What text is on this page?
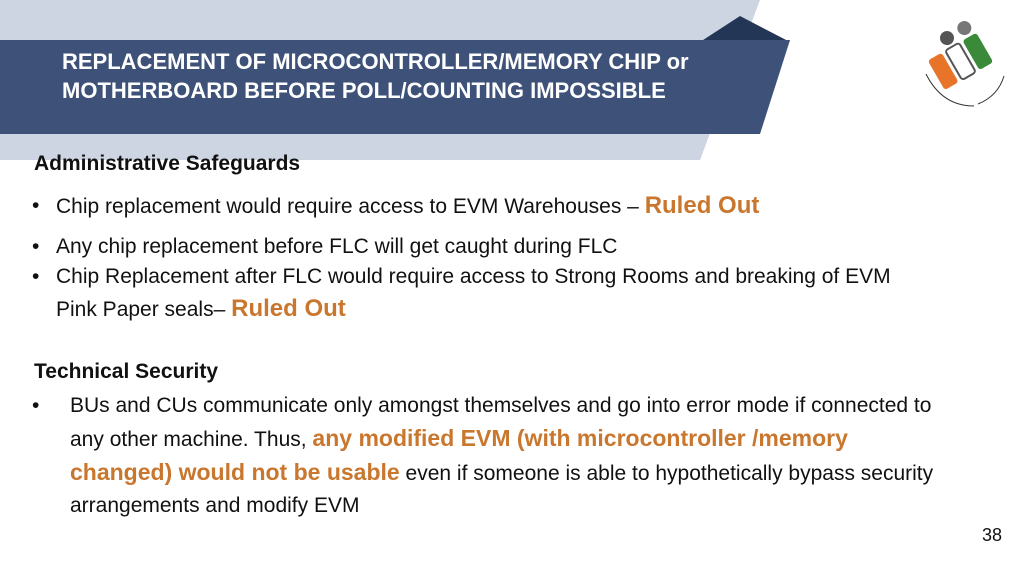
REPLACEMENT OF MICROCONTROLLER/MEMORY CHIP or MOTHERBOARD BEFORE POLL/COUNTING IMPOSSIBLE
Administrative Safeguards

• Chip replacement would require access to EVM Warehouses – Ruled Out

• Any chip replacement before FLC will get caught during FLC

• Chip Replacement after FLC would require access to Strong Rooms and breaking of EVM Pink Paper seals– Ruled Out

Technical Security

•	BUs and CUs communicate only amongst themselves and go into error mode if connected to any other machine. Thus, any modified EVM (with microcontroller /memory changed) would not be usable even if someone is able to hypothetically bypass security arrangements and modify EVM

38
